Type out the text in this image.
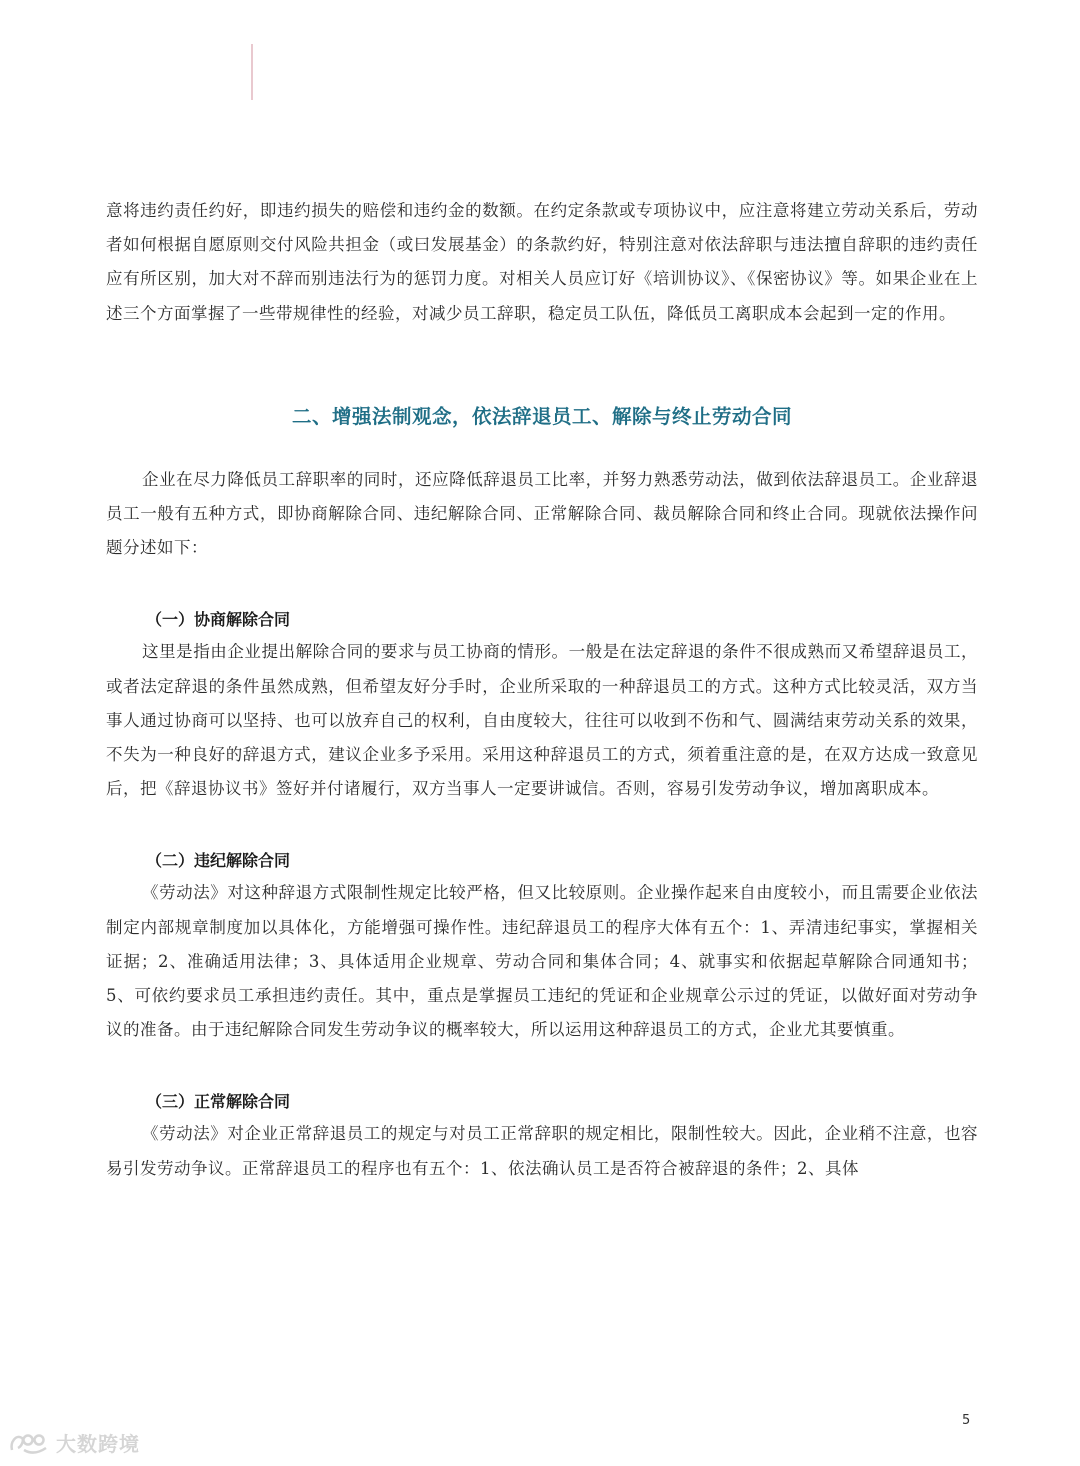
意将违约责任约好，即违约损失的赔偿和违约金的数额。在约定条款或专项协议中，应注意将建立劳动关系后，劳动者如何根据自愿原则交付风险共担金（或曰发展基金）的条款约好，特别注意对依法辞职与违法擅自辞职的违约责任应有所区别，加大对不辞而别违法行为的惩罚力度。对相关人员应订好《培训协议》、《保密协议》等。如果企业在上述三个方面掌握了一些带规律性的经验，对减少员工辞职，稳定员工队伍，降低员工离职成本会起到一定的作用。

二、增强法制观念，依法辞退员工、解除与终止劳动合同

企业在尽力降低员工辞职率的同时，还应降低辞退员工比率，并努力熟悉劳动法，做到依法辞退员工。企业辞退员工一般有五种方式，即协商解除合同、违纪解除合同、正常解除合同、裁员解除合同和终止合同。现就依法操作问题分述如下：

（一）协商解除合同

这里是指由企业提出解除合同的要求与员工协商的情形。一般是在法定辞退的条件不很成熟而又希望辞退员工，或者法定辞退的条件虽然成熟，但希望友好分手时，企业所采取的一种辞退员工的方式。这种方式比较灵活，双方当事人通过协商可以坚持、也可以放弃自己的权利，自由度较大，往往可以收到不伤和气、圆满结束劳动关系的效果，不失为一种良好的辞退方式，建议企业多予采用。采用这种辞退员工的方式，须着重注意的是，在双方达成一致意见后，把《辞退协议书》签好并付诸履行，双方当事人一定要讲诚信。否则，容易引发劳动争议，增加离职成本。

（二）违纪解除合同

《劳动法》对这种辞退方式限制性规定比较严格，但又比较原则。企业操作起来自由度较小，而且需要企业依法制定内部规章制度加以具体化，方能增强可操作性。违纪辞退员工的程序大体有五个：1、弄清违纪事实，掌握相关证据；2、准确适用法律；3、具体适用企业规章、劳动合同和集体合同；4、就事实和依据起草解除合同通知书；5、可依约要求员工承担违约责任。其中，重点是掌握员工违纪的凭证和企业规章公示过的凭证，以做好面对劳动争议的准备。由于违纪解除合同发生劳动争议的概率较大，所以运用这种辞退员工的方式，企业尤其要慎重。

（三）正常解除合同

《劳动法》对企业正常辞退员工的规定与对员工正常辞职的规定相比，限制性较大。因此，企业稍不注意，也容易引发劳动争议。正常辞退员工的程序也有五个：1、依法确认员工是否符合被辞退的条件；2、具体

5
大数跨境
